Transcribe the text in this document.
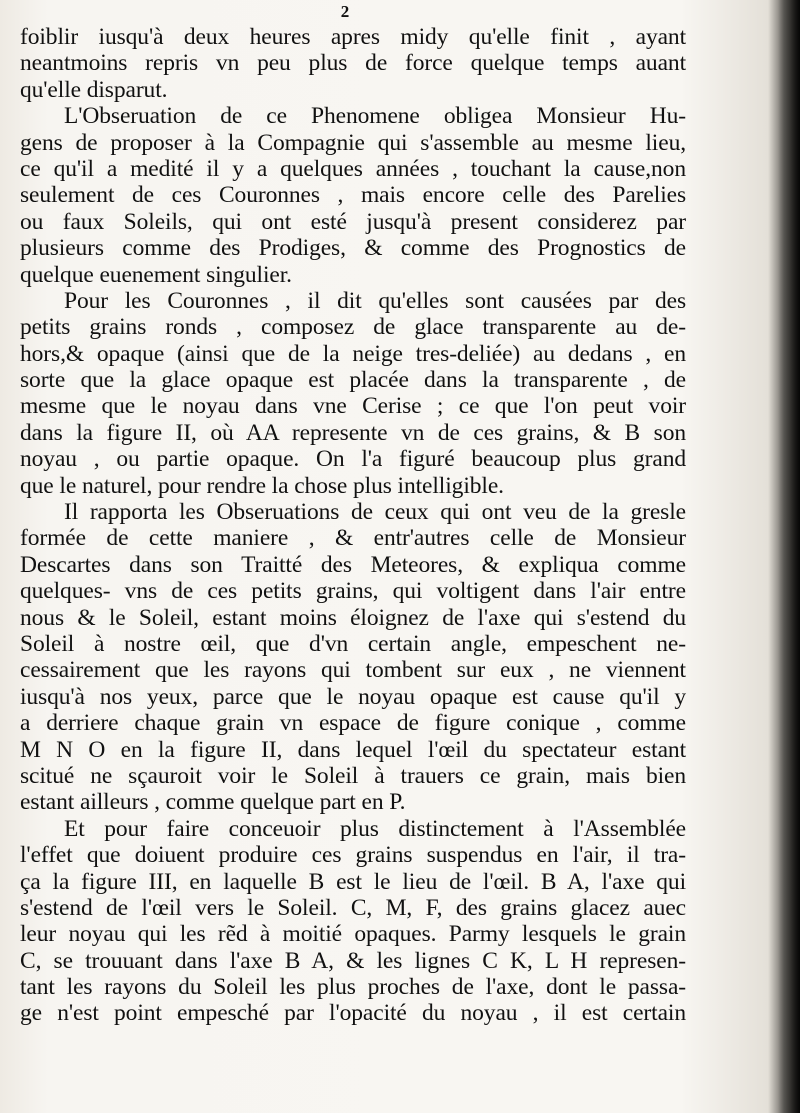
2
foiblir iusqu'à deux heures apres midy qu'elle finit , ayant
neantmoins repris vn peu plus de force quelque temps auant
qu'elle disparut.
L'Obseruation de ce Phenomene obligea Monsieur Hu-
gens de proposer à la Compagnie qui s'assemble au mesme lieu,
ce qu'il a medité il y a quelques années , touchant la cause,non
seulement de ces Couronnes , mais encore celle des Parelies
ou faux Soleils, qui ont esté jusqu'à present considerez par
plusieurs comme des Prodiges, & comme des Prognostics de
quelque euenement singulier.
Pour les Couronnes , il dit qu'elles sont causées par des
petits grains ronds , composez de glace transparente au de-
hors,& opaque (ainsi que de la neige tres-deliée) au dedans , en
sorte que la glace opaque est placée dans la transparente , de
mesme que le noyau dans vne Cerise ; ce que l'on peut voir
dans la figure II, où AA represente vn de ces grains, & B son
noyau , ou partie opaque. On l'a figuré beaucoup plus grand
que le naturel, pour rendre la chose plus intelligible.
Il rapporta les Obseruations de ceux qui ont veu de la gresle
formée de cette maniere , & entr'autres celle de Monsieur
Descartes dans son Traitté des Meteores, & expliqua comme
quelques- vns de ces petits grains, qui voltigent dans l'air entre
nous & le Soleil, estant moins éloignez de l'axe qui s'estend du
Soleil à nostre œil, que d'vn certain angle, empeschent ne-
cessairement que les rayons qui tombent sur eux , ne viennent
iusqu'à nos yeux, parce que le noyau opaque est cause qu'il y
a derriere chaque grain vn espace de figure conique , comme
M N O en la figure II, dans lequel l'œil du spectateur estant
scitué ne sçauroit voir le Soleil à trauers ce grain, mais bien
estant ailleurs , comme quelque part en P.
Et pour faire conceuoir plus distinctement à l'Assemblée
l'effet que doiuent produire ces grains suspendus en l'air, il tra-
ça la figure III, en laquelle B est le lieu de l'œil. B A, l'axe qui
s'estend de l'œil vers le Soleil. C, M, F, des grains glacez auec
leur noyau qui les rẽd à moitié opaques. Parmy lesquels le grain
C, se trouuant dans l'axe B A, & les lignes C K, L H represen-
tant les rayons du Soleil les plus proches de l'axe, dont le passa-
ge n'est point empesché par l'opacité du noyau , il est certain
